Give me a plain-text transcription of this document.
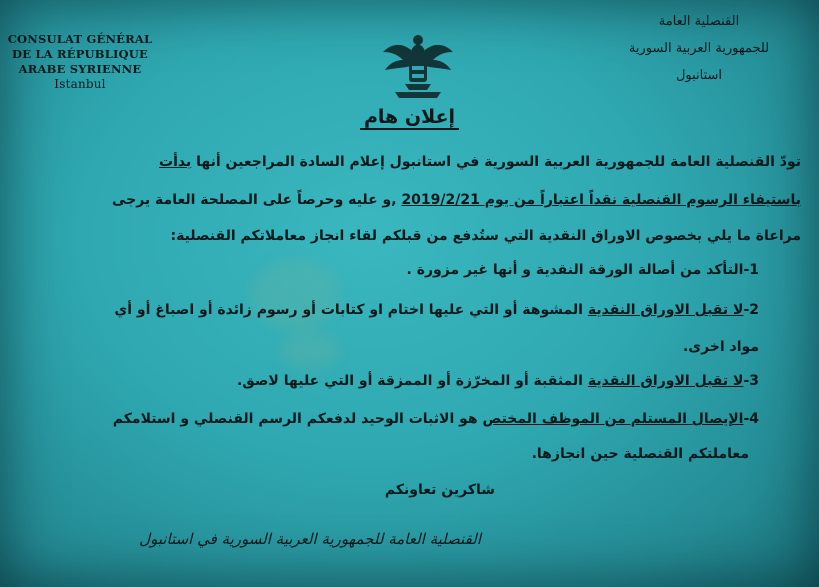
CONSULAT GÉNÉRAL
DE LA RÉPUBLIQUE
ARABE SYRIENNE
Istanbul
القنصلية العامة
للجمهورية العربية السورية
استانبول
إعلان هام
تودّ القنصلية العامة للجمهورية العربية السورية في استانبول إعلام السادة المراجعين أنها بدأت
باستيفاء الرسوم القنصلية نقداً اعتباراً من يوم 2019/2/21 ,و عليه وحرصاً على المصلحة العامة يرجى
مراعاة ما يلي بخصوص الاوراق النقدية التي ستُدفع من قبلكم لقاء انجاز معاملاتكم القنصلية:
1-التأكد من أصالة الورقة النقدية و أنها غير مزورة .
2-لا تقبل الاوراق النقدية المشوهة أو التي عليها اختام او كتابات أو رسوم زائدة أو اصباغ أو أي
مواد اخرى.
3-لا تقبل الاوراق النقدية المثقبة أو المخرّزة أو الممزقة أو التي عليها لاصق.
4-الإيصال المستلم من الموظف المختص هو الاثبات الوحيد لدفعكم الرسم القنصلي و استلامكم
معاملتكم القنصلية حين انجازها.
شاكرين تعاونكم
القنصلية العامة للجمهورية العربية السورية في استانبول
